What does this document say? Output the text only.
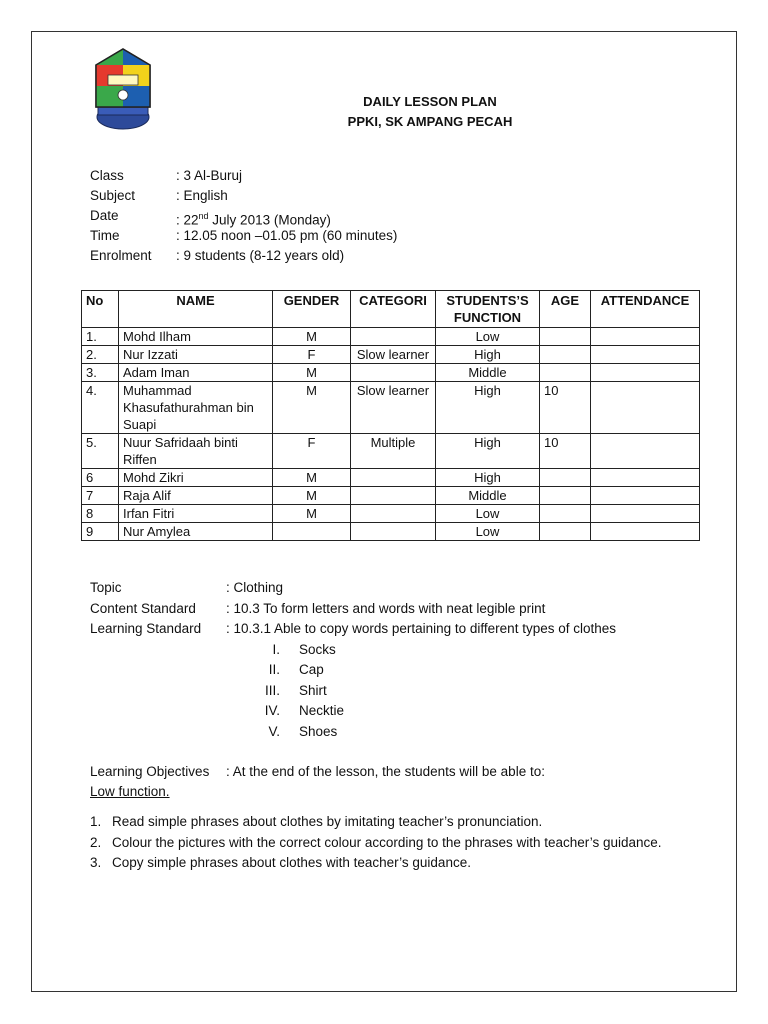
DAILY LESSON PLAN
PPKI, SK AMPANG PECAH
Class	: 3 Al-Buruj
Subject	: English
Date	: 22nd July 2013 (Monday)
Time	: 12.05 noon –01.05 pm (60 minutes)
Enrolment	: 9 students (8-12 years old)
No	NAME	GENDER	CATEGORI	STUDENTS’S FUNCTION	AGE	ATTENDANCE
1.	Mohd Ilham	M		Low		
2.	Nur Izzati	F	Slow learner	High		
3.	Adam Iman	M		Middle		
4.	Muhammad Khasufathurahman bin Suapi	M	Slow learner	High	10	
5.	Nuur Safridaah binti Riffen	F	Multiple	High	10	
6	Mohd Zikri	M		High		
7	Raja Alif	M		Middle		
8	Irfan Fitri	M		Low		
9	Nur Amylea			Low		
Topic	: Clothing
Content Standard	: 10.3 To form letters and words with neat legible print
Learning Standard	: 10.3.1 Able to copy words pertaining to different types of clothes
I. Socks
II. Cap
III. Shirt
IV. Necktie
V. Shoes
Learning Objectives	: At the end of the lesson, the students will be able to:
Low function.
1. Read simple phrases about clothes by imitating teacher’s pronunciation.
2. Colour the pictures with the correct colour according to the phrases with teacher’s guidance.
3. Copy simple phrases about clothes with teacher’s guidance.
